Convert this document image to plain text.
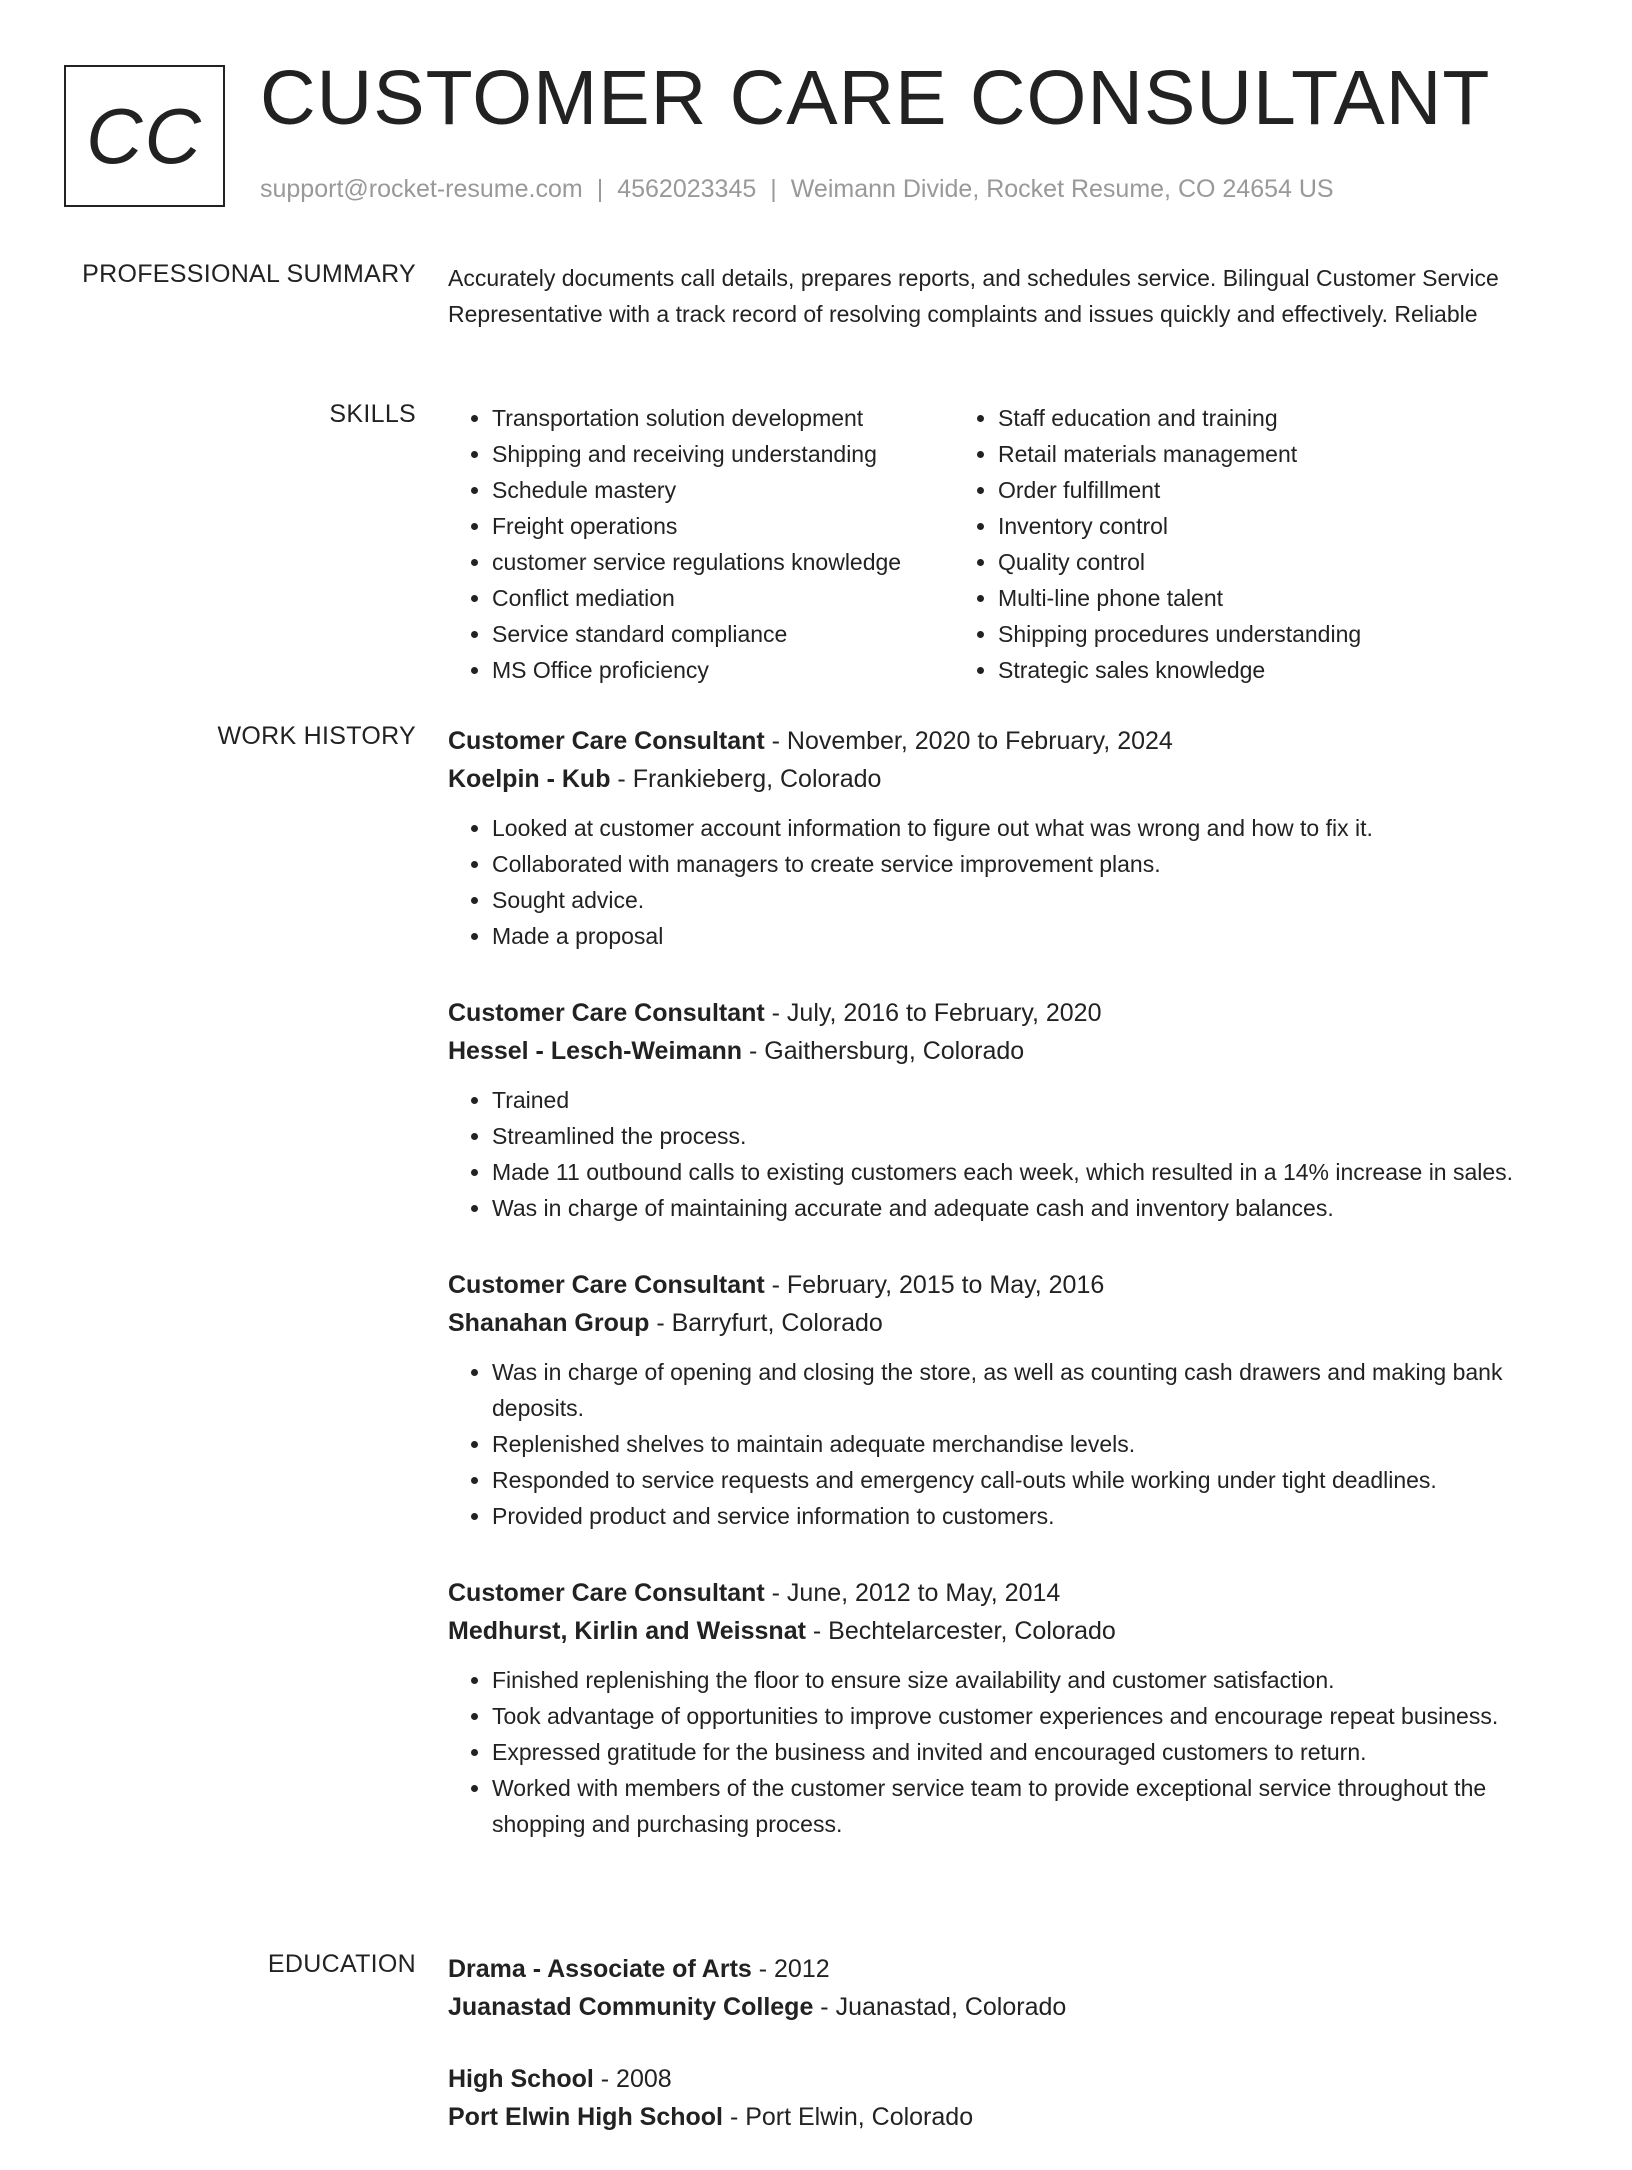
CC CUSTOMER CARE CONSULTANT
support@rocket-resume.com | 4562023345 | Weimann Divide, Rocket Resume, CO 24654 US
PROFESSIONAL SUMMARY Accurately documents call details, prepares reports, and schedules service. Bilingual Customer Service Representative with a track record of resolving complaints and issues quickly and effectively. Reliable

SKILLS
•	Transportation solution development
• Shipping and receiving understanding
• Schedule mastery
• Freight operations
• customer service regulations knowledge
• Conflict mediation
• Service standard compliance
• MS Office proficiency
• Staff education and training
• Retail materials management
• Order fulfillment
• Inventory control
• Quality control
• Multi-line phone talent
• Shipping procedures understanding
• Strategic sales knowledge
WORK HISTORY Customer Care Consultant - November, 2020 to February, 2024
Koelpin - Kub - Frankieberg, Colorado
• Looked at customer account information to figure out what was wrong and how to fix it.
• Collaborated with managers to create service improvement plans.
• Sought advice.
• Made a proposal
Customer Care Consultant - July, 2016 to February, 2020
Hessel - Lesch-Weimann - Gaithersburg, Colorado
• Trained
• Streamlined the process.
• Made 11 outbound calls to existing customers each week, which resulted in a 14% increase in sales.
• Was in charge of maintaining accurate and adequate cash and inventory balances.
Customer Care Consultant - February, 2015 to May, 2016
Shanahan Group - Barryfurt, Colorado
• Was in charge of opening and closing the store, as well as counting cash drawers and making bank deposits.
• Replenished shelves to maintain adequate merchandise levels.
• Responded to service requests and emergency call-outs while working under tight deadlines.
• Provided product and service information to customers.
Customer Care Consultant - June, 2012 to May, 2014
Medhurst, Kirlin and Weissnat - Bechtelarcester, Colorado
• Finished replenishing the floor to ensure size availability and customer satisfaction.
• Took advantage of opportunities to improve customer experiences and encourage repeat business.
• Expressed gratitude for the business and invited and encouraged customers to return.
• Worked with members of the customer service team to provide exceptional service throughout the shopping and purchasing process.
EDUCATION Drama - Associate of Arts - 2012
Juanastad Community College - Juanastad, Colorado
High School - 2008
Port Elwin High School - Port Elwin, Colorado
